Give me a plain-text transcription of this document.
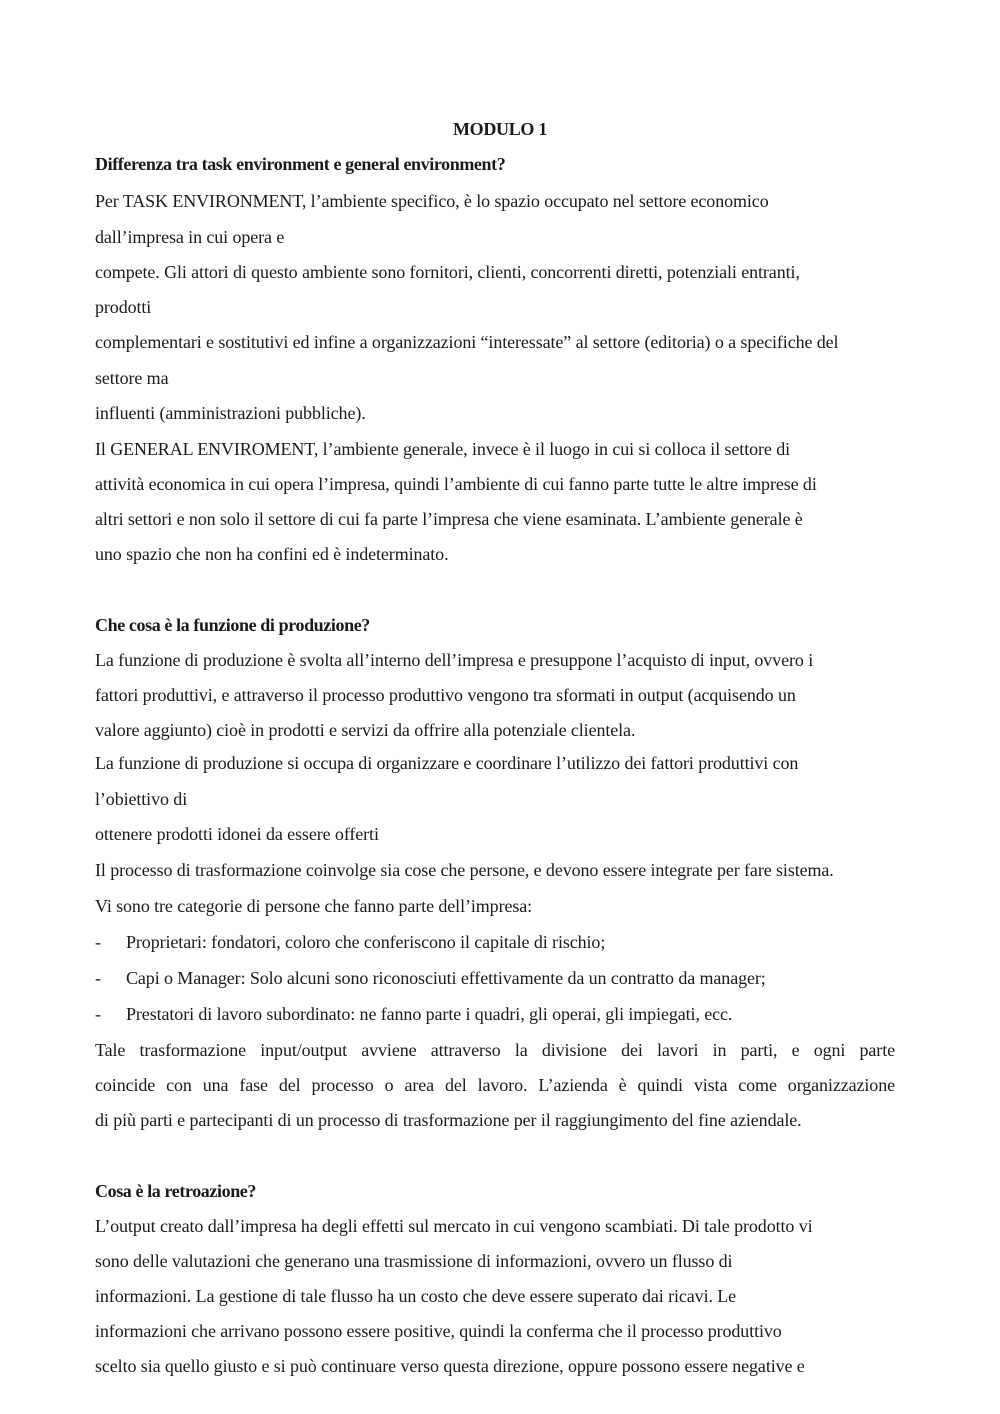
MODULO 1
Differenza tra task environment e general environment?
Per TASK ENVIRONMENT, l’ambiente specifico, è lo spazio occupato nel settore economico
dall’impresa in cui opera e
compete. Gli attori di questo ambiente sono fornitori, clienti, concorrenti diretti, potenziali entranti,
prodotti
complementari e sostitutivi ed infine a organizzazioni “interessate” al settore (editoria) o a specifiche del
settore ma
influenti (amministrazioni pubbliche).
Il GENERAL ENVIROMENT, l’ambiente generale, invece è il luogo in cui si colloca il settore di
attività economica in cui opera l’impresa, quindi l’ambiente di cui fanno parte tutte le altre imprese di
altri settori e non solo il settore di cui fa parte l’impresa che viene esaminata. L’ambiente generale è
uno spazio che non ha confini ed è indeterminato.
Che cosa è la funzione di produzione?
La funzione di produzione è svolta all’interno dell’impresa e presuppone l’acquisto di input, ovvero i
fattori produttivi, e attraverso il processo produttivo vengono tra sformati in output (acquisendo un
valore aggiunto) cioè in prodotti e servizi da offrire alla potenziale clientela.
La funzione di produzione si occupa di organizzare e coordinare l’utilizzo dei fattori produttivi con
l’obiettivo di
ottenere prodotti idonei da essere offerti
Il processo di trasformazione coinvolge sia cose che persone, e devono essere integrate per fare sistema.
Vi sono tre categorie di persone che fanno parte dell’impresa:
- Proprietari: fondatori, coloro che conferiscono il capitale di rischio;
- Capi o Manager: Solo alcuni sono riconosciuti effettivamente da un contratto da manager;
- Prestatori di lavoro subordinato: ne fanno parte i quadri, gli operai, gli impiegati, ecc.
Tale trasformazione input/output avviene attraverso la divisione dei lavori in parti, e ogni parte
coincide con una fase del processo o area del lavoro. L’azienda è quindi vista come organizzazione
di più parti e partecipanti di un processo di trasformazione per il raggiungimento del fine aziendale.
Cosa è la retroazione?
L’output creato dall’impresa ha degli effetti sul mercato in cui vengono scambiati. Di tale prodotto vi
sono delle valutazioni che generano una trasmissione di informazioni, ovvero un flusso di
informazioni. La gestione di tale flusso ha un costo che deve essere superato dai ricavi. Le
informazioni che arrivano possono essere positive, quindi la conferma che il processo produttivo
scelto sia quello giusto e si può continuare verso questa direzione, oppure possono essere negative e
